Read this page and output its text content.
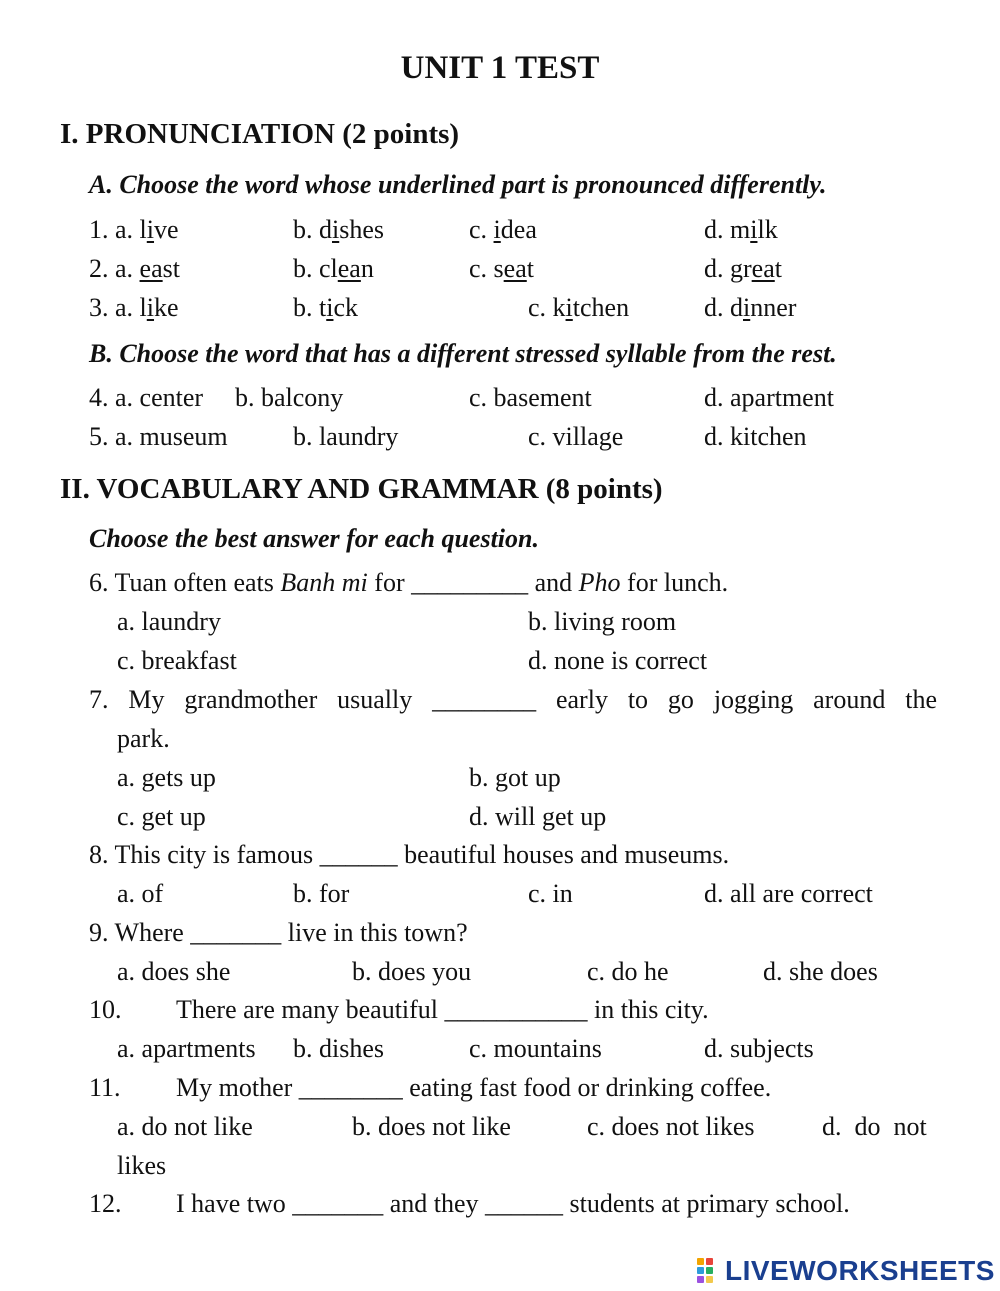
UNIT 1 TEST
I. PRONUNCIATION (2 points)
A. Choose the word whose underlined part is pronounced differently.
1. a. live	b. dishes	c. idea	d. milk
2. a. east	b. clean	c. seat	d. great
3. a. like	b. tick	c. kitchen	d. dinner
B. Choose the word that has a different stressed syllable from the rest.
4. a. center b. balcony	c. basement	d. apartment
5. a. museum	b. laundry	c. village	d. kitchen
II. VOCABULARY AND GRAMMAR (8 points)
Choose the best answer for each question.
6. Tuan often eats Banh mi for _________ and Pho for lunch.
a. laundry	b. living room
c. breakfast	d. none is correct
7. My grandmother usually ________ early to go jogging around the
park.
a. gets up	b. got up
c. get up	d. will get up
8. This city is famous ______ beautiful houses and museums.
a. of	b. for	c. in	d. all are correct
9. Where _______ live in this town?
a. does she	b. does you	c. do he	d. she does
10. There are many beautiful ___________ in this city.
a. apartments b. dishes	c. mountains	d. subjects
11. My mother ________ eating fast food or drinking coffee.
a. do not like	b. does not like	c. does not likes	d.  do  not
likes
12. I have two _______ and they ______ students at primary school.
LIVEWORKSHEETS
